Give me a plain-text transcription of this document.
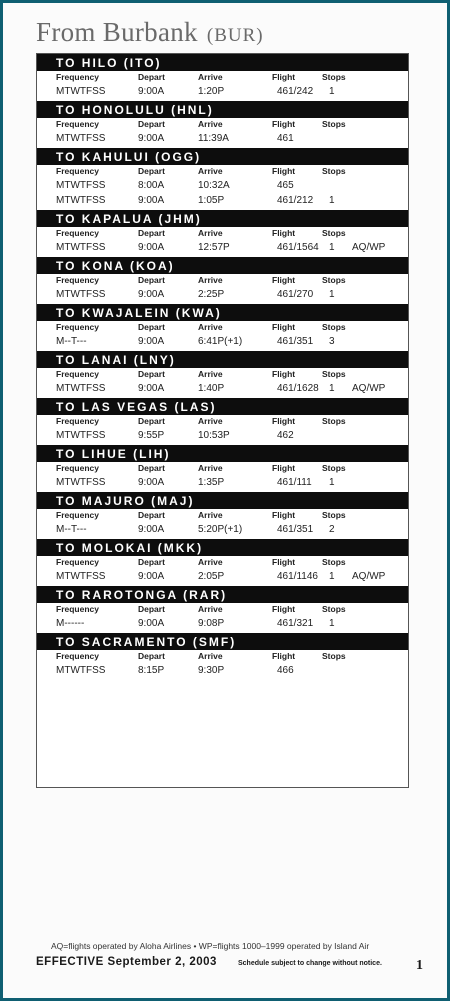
From Burbank (BUR)
TO HILO (ITO)
Frequency	Depart	Arrive	Flight	Stops
MTWTFSS	9:00A	1:20P	461/242 1
TO HONOLULU (HNL)
Frequency	Depart	Arrive	Flight	Stops
MTWTFSS	9:00A	11:39A	461
TO KAHULUI (OGG)
Frequency	Depart	Arrive	Flight	Stops
MTWTFSS	8:00A	10:32A	465
MTWTFSS	9:00A	1:05P	461/212 1
TO KAPALUA (JHM)
Frequency	Depart	Arrive	Flight	Stops
MTWTFSS	9:00A	12:57P	461/1564 1 AQ/WP
TO KONA (KOA)
Frequency	Depart	Arrive	Flight	Stops
MTWTFSS	9:00A	2:25P	461/270 1
TO KWAJALEIN (KWA)
Frequency	Depart	Arrive	Flight	Stops
M--T---	9:00A	6:41P(+1)	461/351 3
TO LANAI (LNY)
Frequency	Depart	Arrive	Flight	Stops
MTWTFSS	9:00A	1:40P	461/1628 1 AQ/WP
TO LAS VEGAS (LAS)
Frequency	Depart	Arrive	Flight	Stops
MTWTFSS	9:55P	10:53P	462
TO LIHUE (LIH)
Frequency	Depart	Arrive	Flight	Stops
MTWTFSS	9:00A	1:35P	461/111 1
TO MAJURO (MAJ)
Frequency	Depart	Arrive	Flight	Stops
M--T---	9:00A	5:20P(+1)	461/351 2
TO MOLOKAI (MKK)
Frequency	Depart	Arrive	Flight	Stops
MTWTFSS	9:00A	2:05P	461/1146 1 AQ/WP
TO RAROTONGA (RAR)
Frequency	Depart	Arrive	Flight	Stops
M------	9:00A	9:08P	461/321 1
TO SACRAMENTO (SMF)
Frequency	Depart	Arrive	Flight	Stops
MTWTFSS	8:15P	9:30P	466
AQ=flights operated by Aloha Airlines • WP=flights 1000–1999 operated by Island Air
EFFECTIVE September 2, 2003	Schedule subject to change without notice. 1
